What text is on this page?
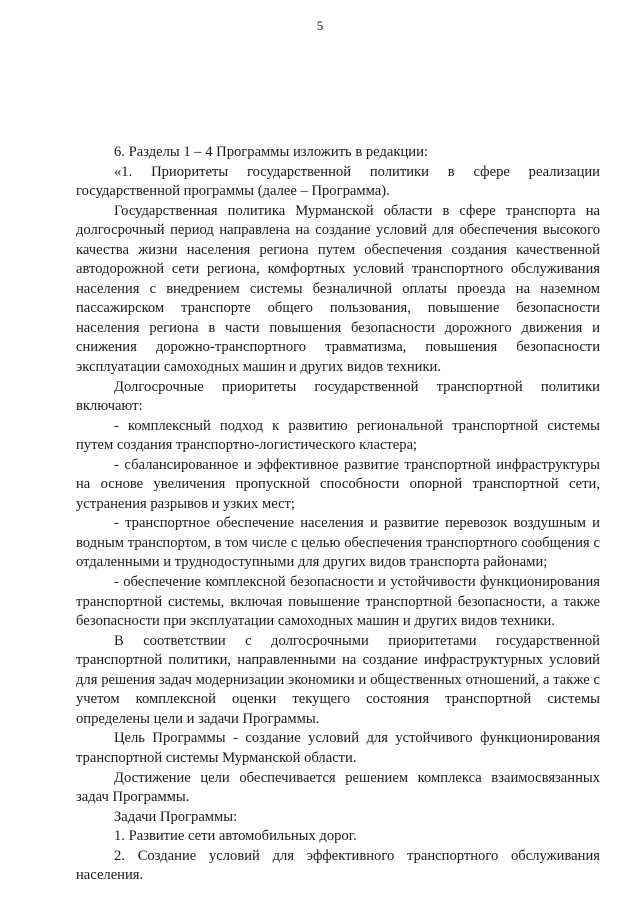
5

6. Разделы 1 – 4 Программы изложить в редакции:

«1. Приоритеты государственной политики в сфере реализации государственной программы (далее – Программа).

Государственная политика Мурманской области в сфере транспорта на долгосрочный период направлена на создание условий для обеспечения высокого качества жизни населения региона путем обеспечения создания качественной автодорожной сети региона, комфортных условий транспортного обслуживания населения с внедрением системы безналичной оплаты проезда на наземном пассажирском транспорте общего пользования, повышение безопасности населения региона в части повышения безопасности дорожного движения и снижения дорожно-транспортного травматизма, повышения безопасности эксплуатации самоходных машин и других видов техники.

Долгосрочные приоритеты государственной транспортной политики включают:

- комплексный подход к развитию региональной транспортной системы путем создания транспортно-логистического кластера;

- сбалансированное и эффективное развитие транспортной инфраструктуры на основе увеличения пропускной способности опорной транспортной сети, устранения разрывов и узких мест;

- транспортное обеспечение населения и развитие перевозок воздушным и водным транспортом, в том числе с целью обеспечения транспортного сообщения с отдаленными и труднодоступными для других видов транспорта районами;

- обеспечение комплексной безопасности и устойчивости функционирования транспортной системы, включая повышение транспортной безопасности, а также безопасности при эксплуатации самоходных машин и других видов техники.

В соответствии с долгосрочными приоритетами государственной транспортной политики, направленными на создание инфраструктурных условий для решения задач модернизации экономики и общественных отношений, а также с учетом комплексной оценки текущего состояния транспортной системы определены цели и задачи Программы.

Цель Программы - создание условий для устойчивого функционирования транспортной системы Мурманской области.

Достижение цели обеспечивается решением комплекса взаимосвязанных задач Программы.

Задачи Программы:

1. Развитие сети автомобильных дорог.

2. Создание условий для эффективного транспортного обслуживания населения.
